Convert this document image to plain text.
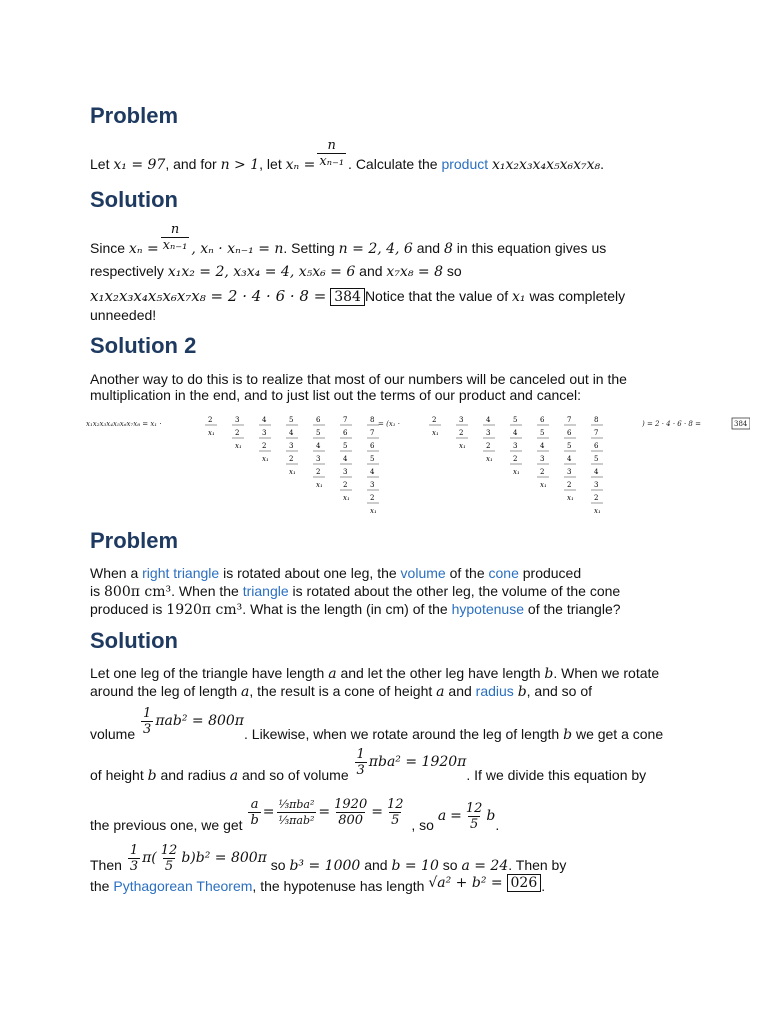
Problem
Let x₁ = 97, and for n > 1, let $x_n = \frac{n}{\text{xₙ₋₁}}$ . Calculate the product x₁x₂x₃x₄x₅x₆x₇x₈.
Solution
Since $x_n = \frac{n}{\text{xₙ₋₁}}$ , xₙ · xₙ₋₁ = n. Setting n = 2, 4, 6 and 8 in this equation gives us
respectively x₁x₂ = 2, x₃x₄ = 4, x₅x₆ = 6 and x₇x₈ = 8 so
x₁x₂x₃x₄x₅x₆x₇x₈ = 2 · 4 · 6 · 8 = 384 Notice that the value of x₁ was completely
unneeded!
Solution 2
Another way to do this is to realize that most of our numbers will be canceled out in the
multiplication in the end, and to just list out the terms of our product and cancel:
x₁x₂x₃x₄x₅x₆x₇x₈ = x₁ ·	= (x₁ ·	) = 2 · 4 · 6 · 8 =	384
2
x₁
3
2
x₁
4
3
2
x₁
5
4
3
2
x₁
6
5
4
3
2
x₁
7
6
5
4
3
2
x₁
8
7
6
5
4
3
2
x₁
2
x₁
3
2
x₁
4
3
2
x₁
5
4
3
2
x₁
6
5
4
3
2
x₁
7
6
5
4
3
2
x₁
8
7
6
5
4
3
2
x₁
Problem
When a right triangle is rotated about one leg, the volume of the cone produced
is 800π cm³. When the triangle is rotated about the other leg, the volume of the cone
produced is 1920π cm³. What is the length (in cm) of the hypotenuse of the triangle?
Solution
Let one leg of the triangle have length a and let the other leg have length b. When we rotate
around the leg of length a, the result is a cone of height a and radius b, and so of
volume $\frac{1}{3} \pi ab^2 = 800\pi$. Likewise, when we rotate around the leg of length b we get a cone
of height b and radius a and so of volume $\frac{1}{3} \pi ba^2 = 1920\pi$. If we divide this equation by
the previous one, we get $\frac{a}{b} = \frac{\text{⅓πba²}}{\text{⅓πab²}} = \frac{1920}{800} = \frac{12}{5}$ , so $a = \frac{12}{5} b$.
Then $\frac{1}{3} \pi( \frac{12}{5} b)b^2 = 800\pi$ so b³ = 1000 and b = 10 so a = 24. Then by
the Pythagorean Theorem, the hypotenuse has length √a² + b² = 026 .
